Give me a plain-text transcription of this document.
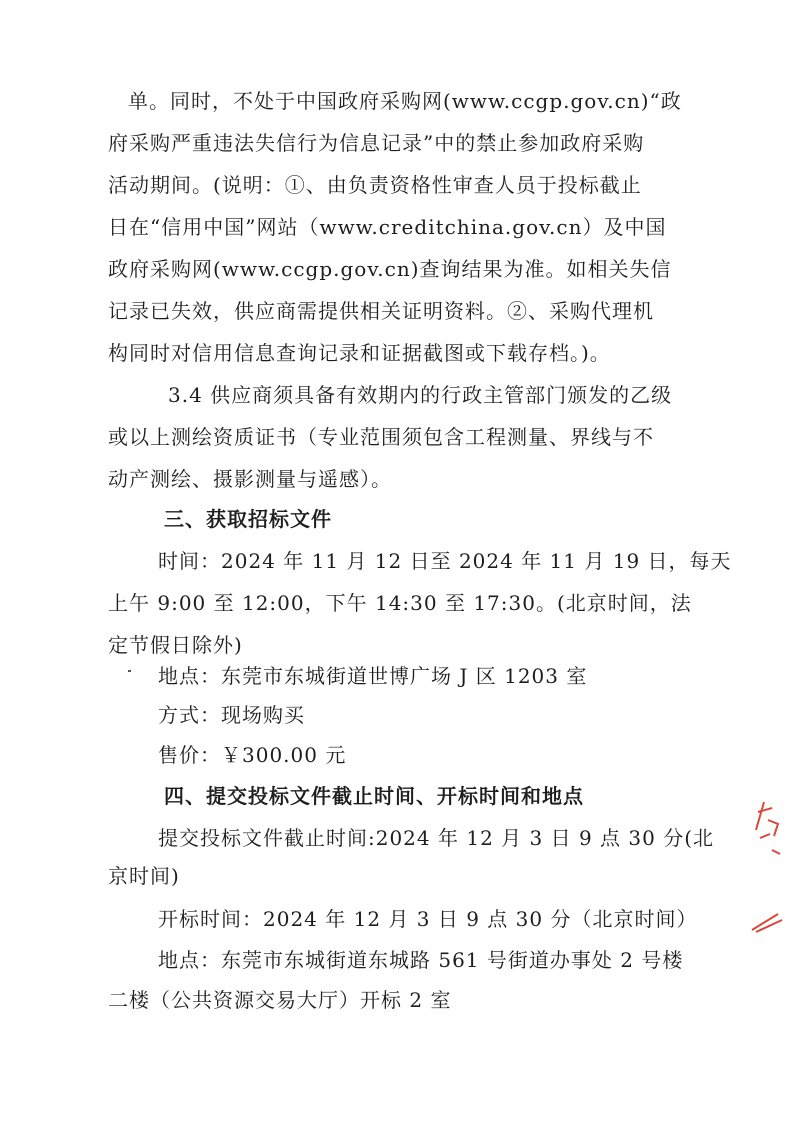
单。同时，不处于中国政府采购网(www.ccgp.gov.cn)“政
府采购严重违法失信行为信息记录”中的禁止参加政府采购
活动期间。(说明：①、由负责资格性审查人员于投标截止
日在“信用中国”网站（www.creditchina.gov.cn）及中国
政府采购网(www.ccgp.gov.cn)查询结果为准。如相关失信
记录已失效，供应商需提供相关证明资料。②、采购代理机
构同时对信用信息查询记录和证据截图或下载存档。)。
3.4 供应商须具备有效期内的行政主管部门颁发的乙级
或以上测绘资质证书（专业范围须包含工程测量、界线与不
动产测绘、摄影测量与遥感）。
三、获取招标文件
时间：2024 年 11 月 12 日至 2024 年 11 月 19 日，每天
上午 9:00 至 12:00，下午 14:30 至 17:30。(北京时间，法
定节假日除外)
地点：东莞市东城街道世博广场 J 区 1203 室
方式：现场购买
售价：￥300.00 元
四、提交投标文件截止时间、开标时间和地点
提交投标文件截止时间:2024 年 12 月 3 日 9 点 30 分(北
京时间)
开标时间：2024 年 12 月 3 日 9 点 30 分（北京时间）
地点：东莞市东城街道东城路 561 号街道办事处 2 号楼
二楼（公共资源交易大厅）开标 2 室
